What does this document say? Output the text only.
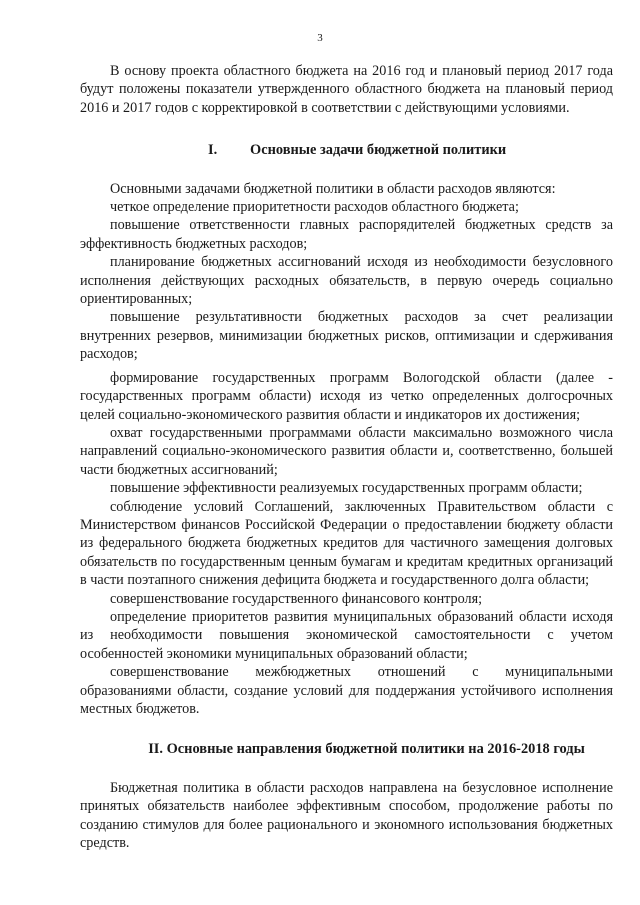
3

В основу проекта областного бюджета на 2016 год и плановый период 2017 года будут положены показатели утвержденного областного бюджета на плановый период 2016 и 2017 годов с корректировкой в соответствии с действующими условиями.

I.	Основные задачи бюджетной политики

Основными задачами бюджетной политики в области расходов являются:

четкое определение приоритетности расходов областного бюджета;

повышение ответственности главных распорядителей бюджетных средств за эффективность бюджетных расходов;

планирование бюджетных ассигнований исходя из необходимости безусловного исполнения действующих расходных обязательств, в первую очередь социально ориентированных;

повышение результативности бюджетных расходов за счет реализации внутренних резервов, минимизации бюджетных рисков, оптимизации и сдерживания расходов;

формирование государственных программ Вологодской области (далее - государственных программ области) исходя из четко определенных долгосрочных целей социально-экономического развития области и индикаторов их достижения;

охват государственными программами области максимально возможного числа направлений социально-экономического развития области и, соответственно, большей части бюджетных ассигнований;

повышение эффективности реализуемых государственных программ области;

соблюдение условий Соглашений, заключенных Правительством области с Министерством финансов Российской Федерации о предоставлении бюджету области из федерального бюджета бюджетных кредитов для частичного замещения долговых обязательств по государственным ценным бумагам и кредитам кредитных организаций в части поэтапного снижения дефицита бюджета и государственного долга области;

совершенствование государственного финансового контроля;

определение приоритетов развития муниципальных образований области исходя из необходимости повышения экономической самостоятельности с учетом особенностей экономики муниципальных образований области;

совершенствование межбюджетных отношений с муниципальными образованиями области, создание условий для поддержания устойчивого исполнения местных бюджетов.

II. Основные направления бюджетной политики на 2016-2018 годы

Бюджетная политика в области расходов направлена на безусловное исполнение принятых обязательств наиболее эффективным способом, продолжение работы по созданию стимулов для более рационального и экономного использования бюджетных средств.
